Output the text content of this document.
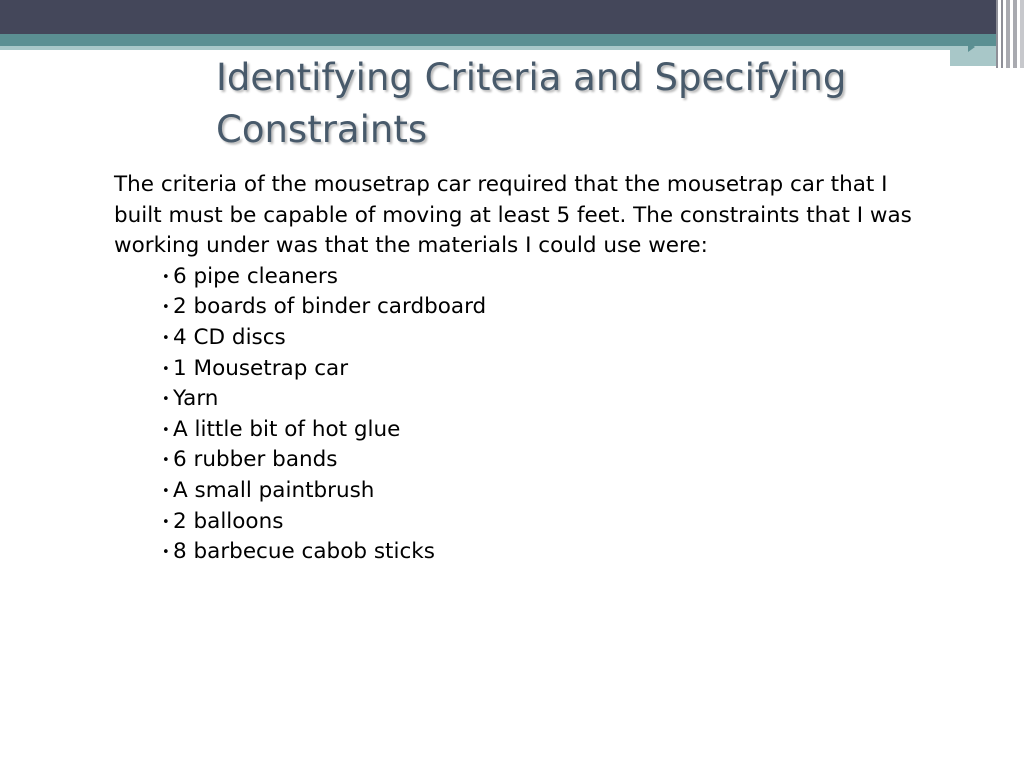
Identifying Criteria and Specifying Constraints

The criteria of the mousetrap car required that the mousetrap car that I built must be capable of moving at least 5 feet. The constraints that I was working under was that the materials I could use were:

• 6 pipe cleaners
• 2 boards of binder cardboard
• 4 CD discs
• 1 Mousetrap car
• Yarn
• A little bit of hot glue
• 6 rubber bands
• A small paintbrush
• 2 balloons
• 8 barbecue cabob sticks
